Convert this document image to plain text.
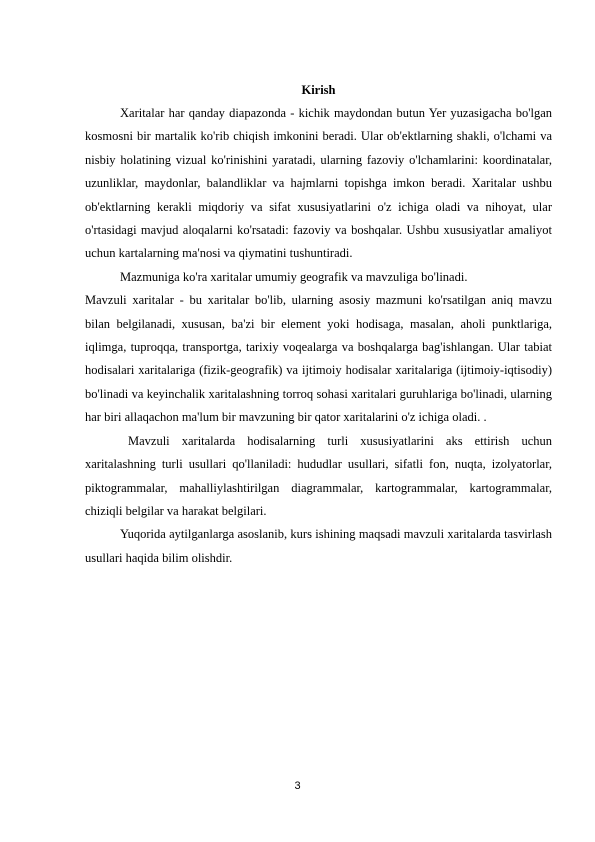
Kirish

Xaritalar har qanday diapazonda - kichik maydondan butun Yer yuzasigacha bo'lgan kosmosni bir martalik ko'rib chiqish imkonini beradi. Ular ob'ektlarning shakli, o'lchami va nisbiy holatining vizual ko'rinishini yaratadi, ularning fazoviy o'lchamlarini: koordinatalar, uzunliklar, maydonlar, balandliklar va hajmlarni topishga imkon beradi. Xaritalar ushbu ob'ektlarning kerakli miqdoriy va sifat xususiyatlarini o'z ichiga oladi va nihoyat, ular o'rtasidagi mavjud aloqalarni ko'rsatadi: fazoviy va boshqalar. Ushbu xususiyatlar amaliyot uchun kartalarning ma'nosi va qiymatini tushuntiradi.

Mazmuniga ko'ra xaritalar umumiy geografik va mavzuliga bo'linadi.

Mavzuli xaritalar - bu xaritalar bo'lib, ularning asosiy mazmuni ko'rsatilgan aniq mavzu bilan belgilanadi, xususan, ba'zi bir element yoki hodisaga, masalan, aholi punktlariga, iqlimga, tuproqqa, transportga, tarixiy voqealarga va boshqalarga bag'ishlangan. Ular tabiat hodisalari xaritalariga (fizik-geografik) va ijtimoiy hodisalar xaritalariga (ijtimoiy-iqtisodiy) bo'linadi va keyinchalik xaritalashning torroq sohasi xaritalari guruhlariga bo'linadi, ularning har biri allaqachon ma'lum bir mavzuning bir qator xaritalarini o'z ichiga oladi. .

Mavzuli xaritalarda hodisalarning turli xususiyatlarini aks ettirish uchun xaritalashning turli usullari qo'llaniladi: hududlar usullari, sifatli fon, nuqta, izolyatorlar, piktogrammalar, mahalliylashtirilgan diagrammalar, kartogrammalar, kartogrammalar, chiziqli belgilar va harakat belgilari.

Yuqorida aytilganlarga asoslanib, kurs ishining maqsadi mavzuli xaritalarda tasvirlash usullari haqida bilim olishdir.

3
